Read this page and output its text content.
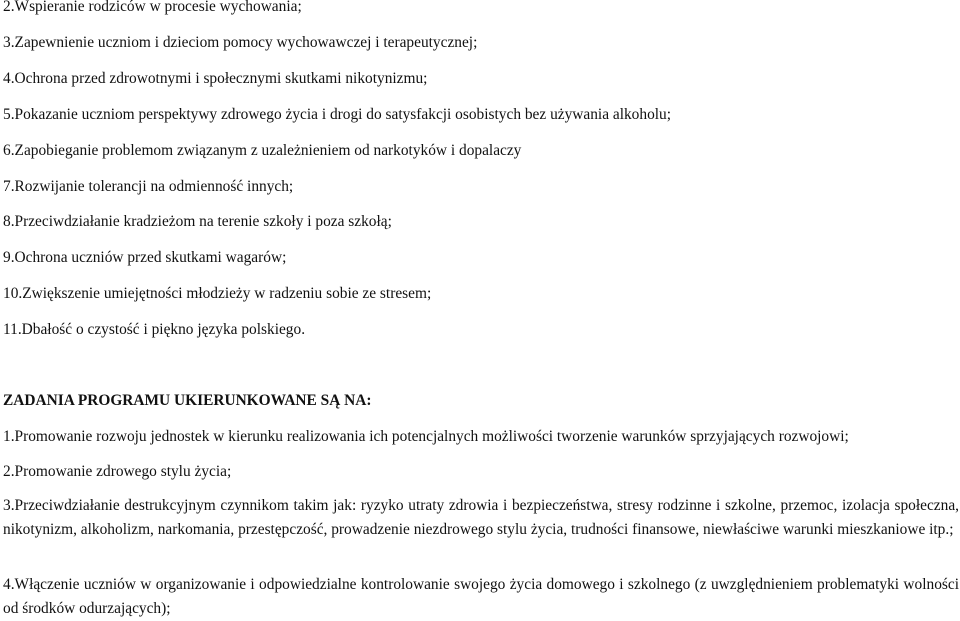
2.Wspieranie rodziców w procesie wychowania;
3.Zapewnienie uczniom i dzieciom pomocy wychowawczej i terapeutycznej;
4.Ochrona przed zdrowotnymi i społecznymi skutkami nikotynizmu;
5.Pokazanie uczniom perspektywy zdrowego życia i drogi do satysfakcji osobistych bez używania alkoholu;
6.Zapobieganie problemom związanym z uzależnieniem od narkotyków i dopalaczy
7.Rozwijanie tolerancji na odmienność innych;
8.Przeciwdziałanie kradzieżom na terenie szkoły i poza szkołą;
9.Ochrona uczniów przed skutkami wagarów;
10.Zwiększenie umiejętności młodzieży w radzeniu sobie ze stresem;
11.Dbałość o czystość i piękno języka polskiego.
ZADANIA PROGRAMU UKIERUNKOWANE SĄ NA:
1.Promowanie rozwoju jednostek w kierunku realizowania ich potencjalnych możliwości tworzenie warunków sprzyjających rozwojowi;
2.Promowanie zdrowego stylu życia;
3.Przeciwdziałanie destrukcyjnym czynnikom takim jak: ryzyko utraty zdrowia i bezpieczeństwa, stresy rodzinne i szkolne, przemoc, izolacja społeczna, nikotynizm, alkoholizm, narkomania, przestępczość, prowadzenie niezdrowego stylu życia, trudności finansowe, niewłaściwe warunki mieszkaniowe itp.;
4.Włączenie uczniów w organizowanie i odpowiedzialne kontrolowanie swojego życia domowego i szkolnego (z uwzględnieniem problematyki wolności od środków odurzających);
